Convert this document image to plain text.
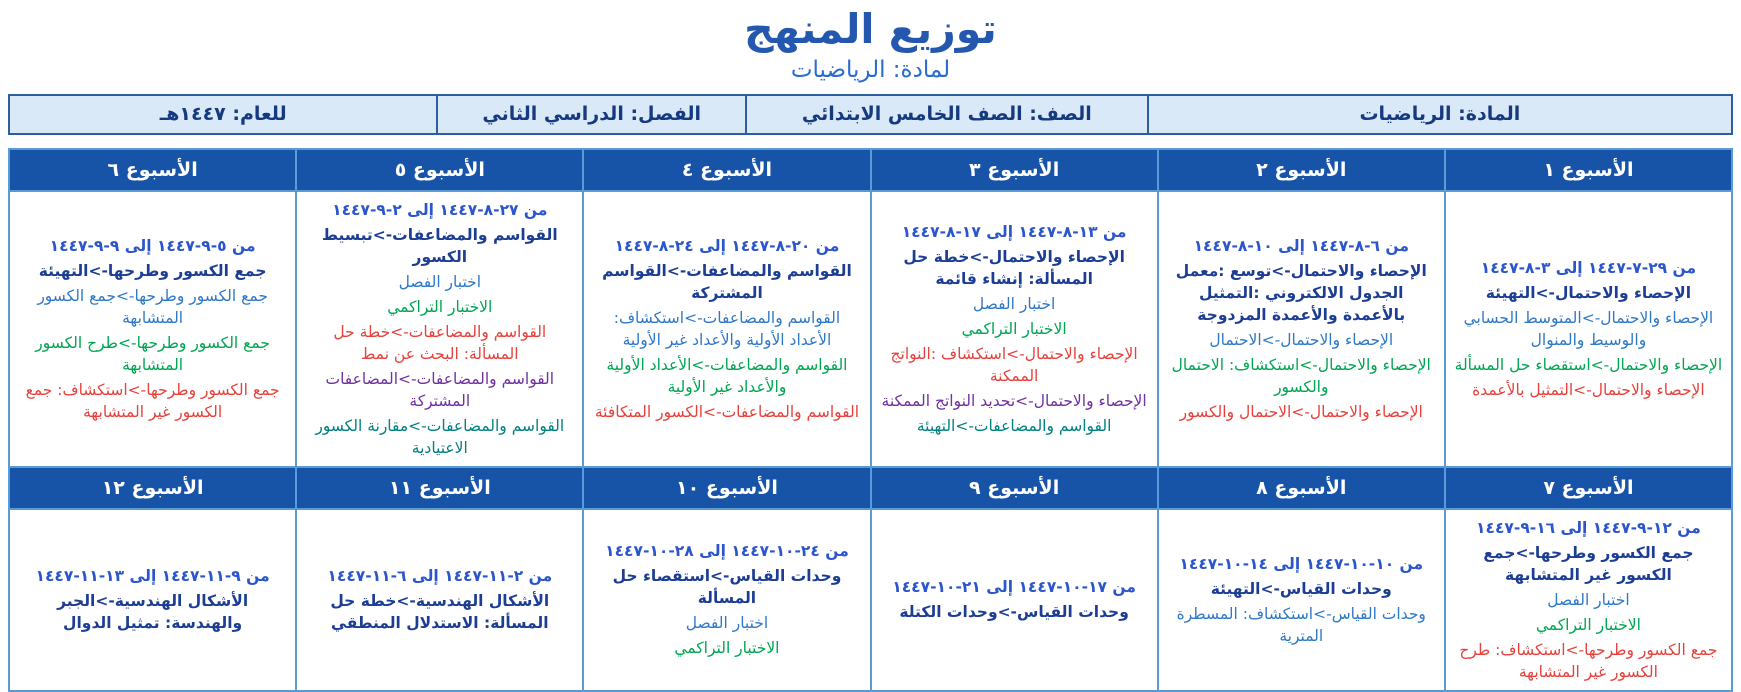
توزيع المنهج
لمادة: الرياضيات
المادة: الرياضيات	الصف: الصف الخامس الابتدائي	الفصل: الدراسي الثاني	للعام: ١٤٤٧هـ
الأسبوع ١	الأسبوع ٢	الأسبوع ٣	الأسبوع ٤	الأسبوع ٥	الأسبوع ٦

من ٢٩-٧-١٤٤٧ إلى ٣-٨-١٤٤٧
الإحصاء والاحتمال->التهيئة
الإحصاء والاحتمال->المتوسط الحسابي والوسيط والمنوال
الإحصاء والاحتمال->استقصاء حل المسألة
الإحصاء والاحتمال->التمثيل بالأعمدة

من ٦-٨-١٤٤٧ إلى ١٠-٨-١٤٤٧
الإحصاء والاحتمال->توسع :معمل الجدول الالكتروني :التمثيل بالأعمدة والأعمدة المزدوجة
الإحصاء والاحتمال->الاحتمال
الإحصاء والاحتمال->استكشاف: الاحتمال والكسور
الإحصاء والاحتمال->الاحتمال والكسور

من ١٣-٨-١٤٤٧ إلى ١٧-٨-١٤٤٧
الإحصاء والاحتمال->خطة حل المسألة: إنشاء قائمة
اختبار الفصل
الاختبار التراكمي
الإحصاء والاحتمال->استكشاف :النواتج الممكنة
الإحصاء والاحتمال->تحديد النواتج الممكنة
القواسم والمضاعفات->التهيئة

من ٢٠-٨-١٤٤٧ إلى ٢٤-٨-١٤٤٧
القواسم والمضاعفات->القواسم المشتركة
القواسم والمضاعفات->استكشاف: الأعداد الأولية والأعداد غير الأولية
القواسم والمضاعفات->الأعداد الأولية والأعداد غير الأولية
القواسم والمضاعفات->الكسور المتكافئة

من ٢٧-٨-١٤٤٧ إلى ٢-٩-١٤٤٧
القواسم والمضاعفات->تبسيط الكسور
اختبار الفصل
الاختبار التراكمي
القواسم والمضاعفات->خطة حل المسألة: البحث عن نمط
القواسم والمضاعفات->المضاعفات المشتركة
القواسم والمضاعفات->مقارنة الكسور الاعتيادية

من ٥-٩-١٤٤٧ إلى ٩-٩-١٤٤٧
جمع الكسور وطرحها->التهيئة
جمع الكسور وطرحها->جمع الكسور المتشابهة
جمع الكسور وطرحها->طرح الكسور المتشابهة
جمع الكسور وطرحها->استكشاف: جمع الكسور غير المتشابهة

الأسبوع ٧	الأسبوع ٨	الأسبوع ٩	الأسبوع ١٠	الأسبوع ١١	الأسبوع ١٢

من ١٢-٩-١٤٤٧ إلى ١٦-٩-١٤٤٧
جمع الكسور وطرحها->جمع الكسور غير المتشابهة
اختبار الفصل
الاختبار التراكمي
جمع الكسور وطرحها->استكشاف: طرح الكسور غير المتشابهة

من ١٠-١٠-١٤٤٧ إلى ١٤-١٠-١٤٤٧
وحدات القياس->التهيئة
وحدات القياس->استكشاف: المسطرة المترية

من ١٧-١٠-١٤٤٧ إلى ٢١-١٠-١٤٤٧
وحدات القياس->وحدات الكتلة

من ٢٤-١٠-١٤٤٧ إلى ٢٨-١٠-١٤٤٧
وحدات القياس->استقصاء حل المسألة
اختبار الفصل
الاختبار التراكمي

من ٢-١١-١٤٤٧ إلى ٦-١١-١٤٤٧
الأشكال الهندسية->خطة حل المسألة: الاستدلال المنطقي

من ٩-١١-١٤٤٧ إلى ١٣-١١-١٤٤٧
الأشكال الهندسية->الجبر والهندسة: تمثيل الدوال
